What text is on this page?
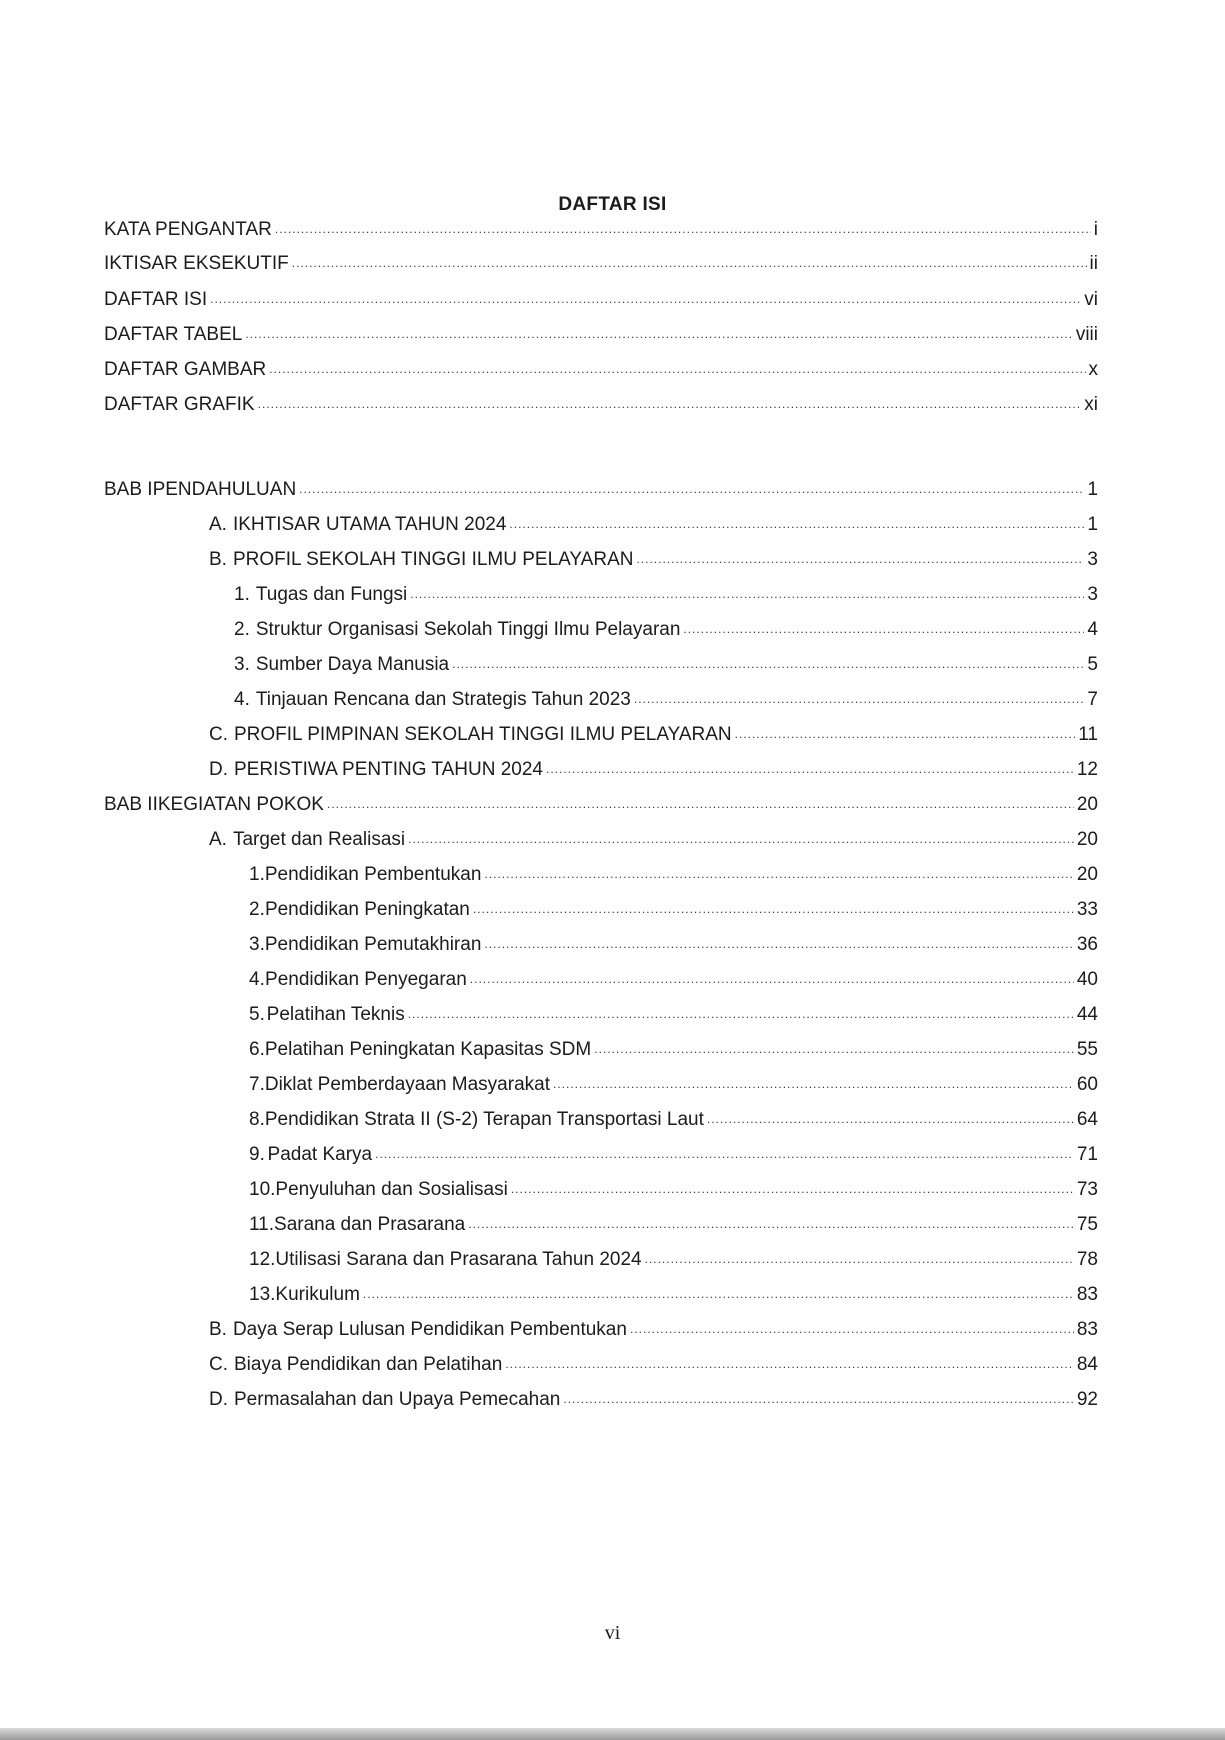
DAFTAR ISI
KATA PENGANTAR .....	i
IKTISAR EKSEKUTIF .....	ii
DAFTAR ISI .....	vi
DAFTAR TABEL .....	viii
DAFTAR GAMBAR .....	x
DAFTAR GRAFIK .....	xi
BAB I PENDAHULUAN .....	1
A. IKHTISAR UTAMA TAHUN 2024 .....	1
B. PROFIL SEKOLAH TINGGI ILMU PELAYARAN .....	3
1. Tugas dan Fungsi .....	3
2. Struktur Organisasi Sekolah Tinggi Ilmu Pelayaran .....	4
3. Sumber Daya Manusia .....	5
4. Tinjauan Rencana dan Strategis Tahun 2023 .....	7
C. PROFIL PIMPINAN SEKOLAH TINGGI ILMU PELAYARAN .....	11
D. PERISTIWA PENTING TAHUN 2024 .....	12
BAB II KEGIATAN POKOK .....	20
A. Target dan Realisasi .....	20
1. Pendidikan Pembentukan .....	20
2. Pendidikan Peningkatan .....	33
3. Pendidikan Pemutakhiran .....	36
4. Pendidikan Penyegaran .....	40
5. Pelatihan Teknis .....	44
6. Pelatihan Peningkatan Kapasitas SDM .....	55
7. Diklat Pemberdayaan Masyarakat .....	60
8. Pendidikan Strata II (S-2) Terapan Transportasi Laut .....	64
9. Padat Karya .....	71
10. Penyuluhan dan Sosialisasi .....	73
11. Sarana dan Prasarana .....	75
12. Utilisasi Sarana dan Prasarana Tahun 2024 .....	78
13. Kurikulum .....	83
B. Daya Serap Lulusan Pendidikan Pembentukan .....	83
C. Biaya Pendidikan dan Pelatihan .....	84
D. Permasalahan dan Upaya Pemecahan .....	92
vi
